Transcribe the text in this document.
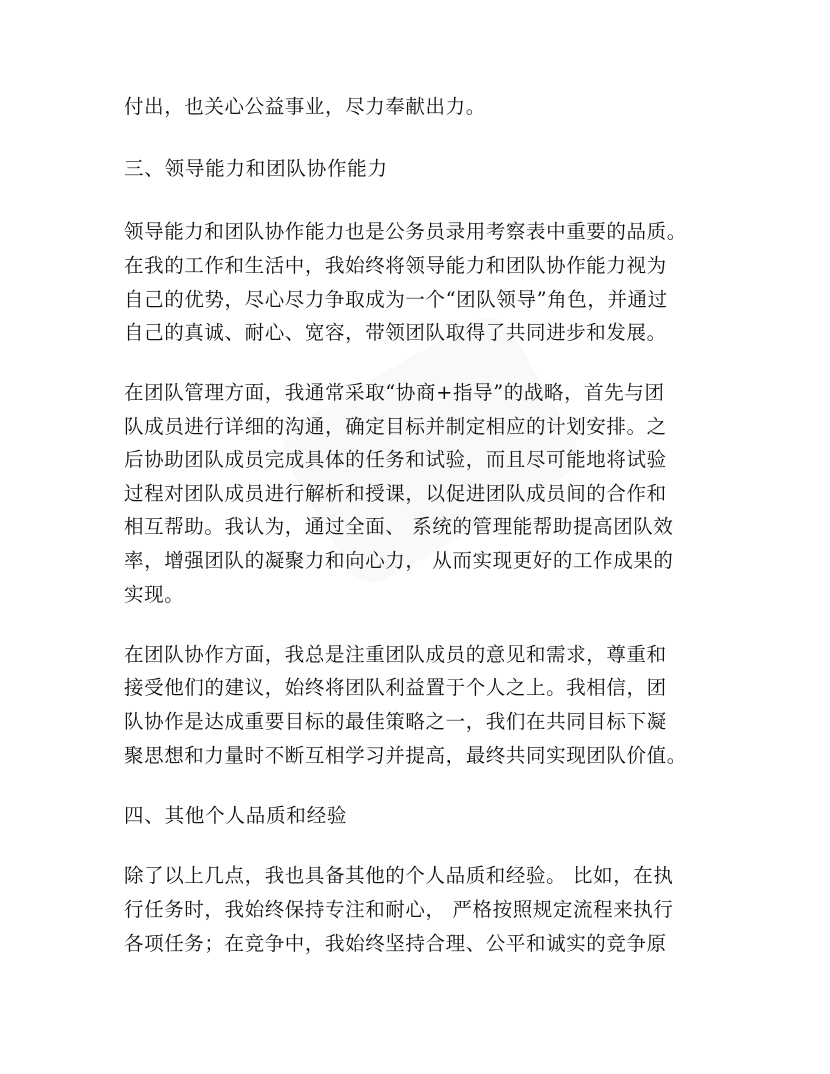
付出，也关心公益事业，尽力奉献出力。
三、领导能力和团队协作能力
领导能力和团队协作能力也是公务员录用考察表中重要的品质。
在我的工作和生活中，我始终将领导能力和团队协作能力视为
自己的优势，尽心尽力争取成为一个“团队领导”角色，并通过
自己的真诚、耐心、宽容，带领团队取得了共同进步和发展。
在团队管理方面，我通常采取“协商+指导”的战略，首先与团
队成员进行详细的沟通，确定目标并制定相应的计划安排。之
后协助团队成员完成具体的任务和试验，而且尽可能地将试验
过程对团队成员进行解析和授课，以促进团队成员间的合作和
相互帮助。我认为，通过全面、 系统的管理能帮助提高团队效
率，增强团队的凝聚力和向心力， 从而实现更好的工作成果的
实现。
在团队协作方面，我总是注重团队成员的意见和需求，尊重和
接受他们的建议，始终将团队利益置于个人之上。我相信，团
队协作是达成重要目标的最佳策略之一，我们在共同目标下凝
聚思想和力量时不断互相学习并提高，最终共同实现团队价值。
四、其他个人品质和经验
除了以上几点，我也具备其他的个人品质和经验。 比如，在执
行任务时，我始终保持专注和耐心， 严格按照规定流程来执行
各项任务；在竞争中，我始终坚持合理、公平和诚实的竞争原
